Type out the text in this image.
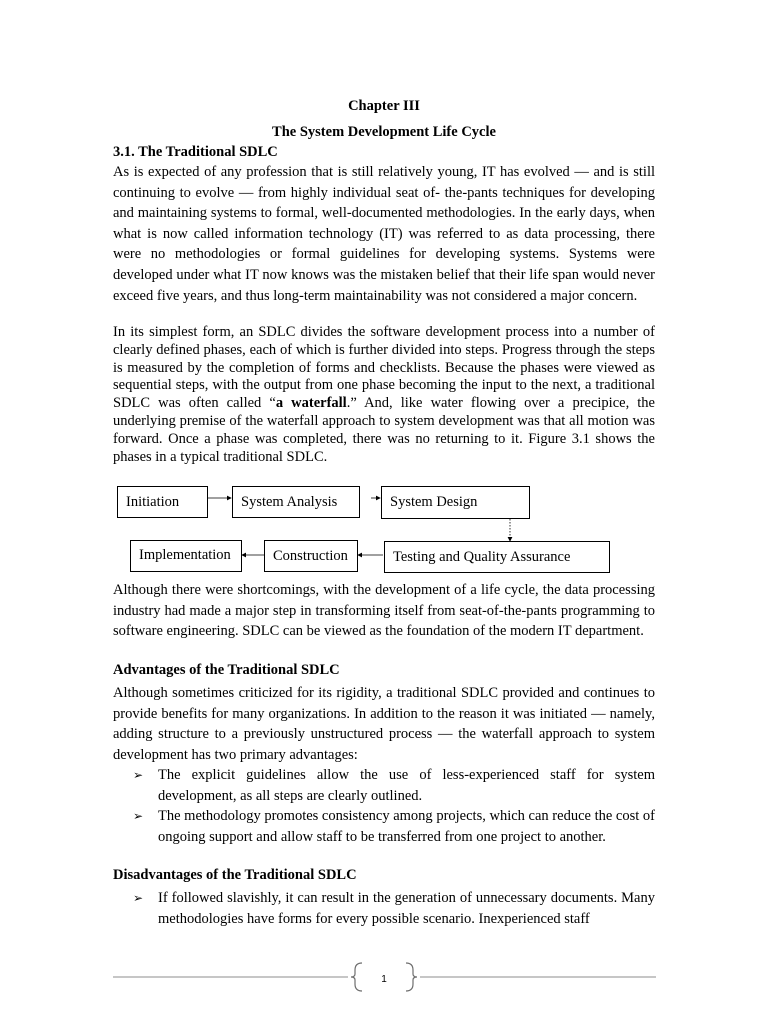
Chapter III
The System Development Life Cycle
3.1. The Traditional SDLC
As is expected of any profession that is still relatively young, IT has evolved — and is still continuing to evolve — from highly individual seat of- the-pants techniques for developing and maintaining systems to formal, well-documented methodologies. In the early days, when what is now called information technology (IT) was referred to as data processing, there were no methodologies or formal guidelines for developing systems. Systems were developed under what IT now knows was the mistaken belief that their life span would never exceed five years, and thus long-term maintainability was not considered a major concern.
In its simplest form, an SDLC divides the software development process into a number of clearly defined phases, each of which is further divided into steps. Progress through the steps is measured by the completion of forms and checklists. Because the phases were viewed as sequential steps, with the output from one phase becoming the input to the next, a traditional SDLC was often called “a waterfall.” And, like water flowing over a precipice, the underlying premise of the waterfall approach to system development was that all motion was forward. Once a phase was completed, there was no returning to it. Figure 3.1 shows the phases in a typical traditional SDLC.
Initiation	System Analysis	System Design
Implementation	Construction	Testing and Quality Assurance
Although there were shortcomings, with the development of a life cycle, the data processing industry had made a major step in transforming itself from seat-of-the-pants programming to software engineering. SDLC can be viewed as the foundation of the modern IT department.
Advantages of the Traditional SDLC
Although sometimes criticized for its rigidity, a traditional SDLC provided and continues to provide benefits for many organizations. In addition to the reason it was initiated — namely, adding structure to a previously unstructured process — the waterfall approach to system development has two primary advantages:
➢ The explicit guidelines allow the use of less-experienced staff for system development, as all steps are clearly outlined.
➢ The methodology promotes consistency among projects, which can reduce the cost of ongoing support and allow staff to be transferred from one project to another.
Disadvantages of the Traditional SDLC
➢ If followed slavishly, it can result in the generation of unnecessary documents. Many methodologies have forms for every possible scenario. Inexperienced staff
1
